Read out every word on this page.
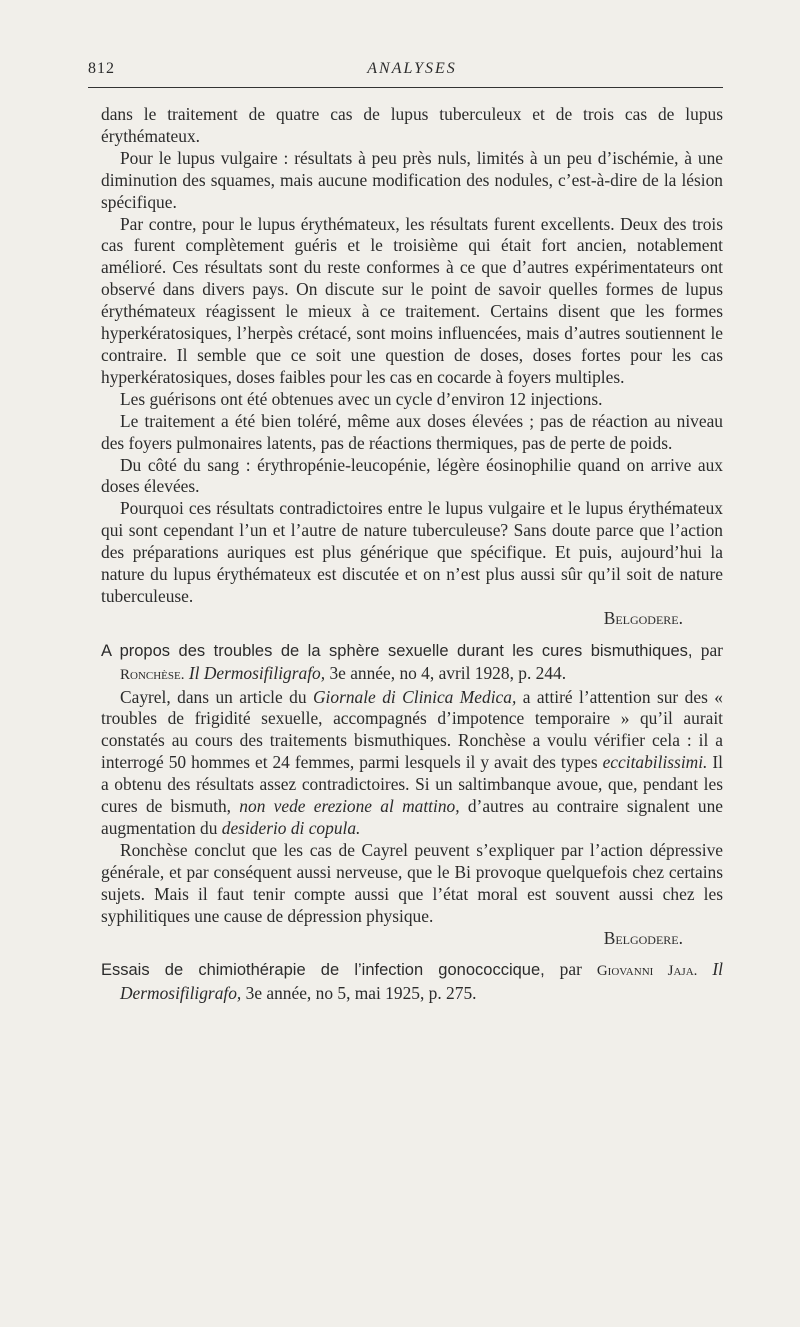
812	ANALYSES

dans le traitement de quatre cas de lupus tuberculeux et de trois cas de lupus érythémateux.

Pour le lupus vulgaire : résultats à peu près nuls, limités à un peu d’ischémie, à une diminution des squames, mais aucune modification des nodules, c’est-à-dire de la lésion spécifique.

Par contre, pour le lupus érythémateux, les résultats furent excellents. Deux des trois cas furent complètement guéris et le troisième qui était fort ancien, notablement amélioré. Ces résultats sont du reste conformes à ce que d’autres expérimentateurs ont observé dans divers pays. On discute sur le point de savoir quelles formes de lupus érythémateux réagissent le mieux à ce traitement. Certains disent que les formes hyperkératosiques, l’herpès crétacé, sont moins influencées, mais d’autres soutiennent le contraire. Il semble que ce soit une question de doses, doses fortes pour les cas hyperkératosiques, doses faibles pour les cas en cocarde à foyers multiples.

Les guérisons ont été obtenues avec un cycle d’environ 12 injections.

Le traitement a été bien toléré, même aux doses élevées ; pas de réaction au niveau des foyers pulmonaires latents, pas de réactions thermiques, pas de perte de poids.

Du côté du sang : érythropénie-leucopénie, légère éosinophilie quand on arrive aux doses élevées.

Pourquoi ces résultats contradictoires entre le lupus vulgaire et le lupus érythémateux qui sont cependant l’un et l’autre de nature tuberculeuse? Sans doute parce que l’action des préparations auriques est plus générique que spécifique. Et puis, aujourd’hui la nature du lupus érythémateux est discutée et on n’est plus aussi sûr qu’il soit de nature tuberculeuse.

Belgodere.

A propos des troubles de la sphère sexuelle durant les cures bismuthiques, par Ronchèse. Il Dermosifiligrafo, 3e année, no 4, avril 1928, p. 244.

Cayrel, dans un article du Giornale di Clinica Medica, a attiré l’attention sur des « troubles de frigidité sexuelle, accompagnés d’impotence temporaire » qu’il aurait constatés au cours des traitements bismuthiques. Ronchèse a voulu vérifier cela : il a interrogé 50 hommes et 24 femmes, parmi lesquels il y avait des types eccitabilissimi. Il a obtenu des résultats assez contradictoires. Si un saltimbanque avoue, que, pendant les cures de bismuth, non vede erezione al mattino, d’autres au contraire signalent une augmentation du desiderio di copula.

Ronchèse conclut que les cas de Cayrel peuvent s’expliquer par l’action dépressive générale, et par conséquent aussi nerveuse, que le Bi provoque quelquefois chez certains sujets. Mais il faut tenir compte aussi que l’état moral est souvent aussi chez les syphilitiques une cause de dépression physique.

Belgodere.

Essais de chimiothérapie de l’infection gonococcique, par Giovanni Jaja. Il Dermosifiligrafo, 3e année, no 5, mai 1925, p. 275.
